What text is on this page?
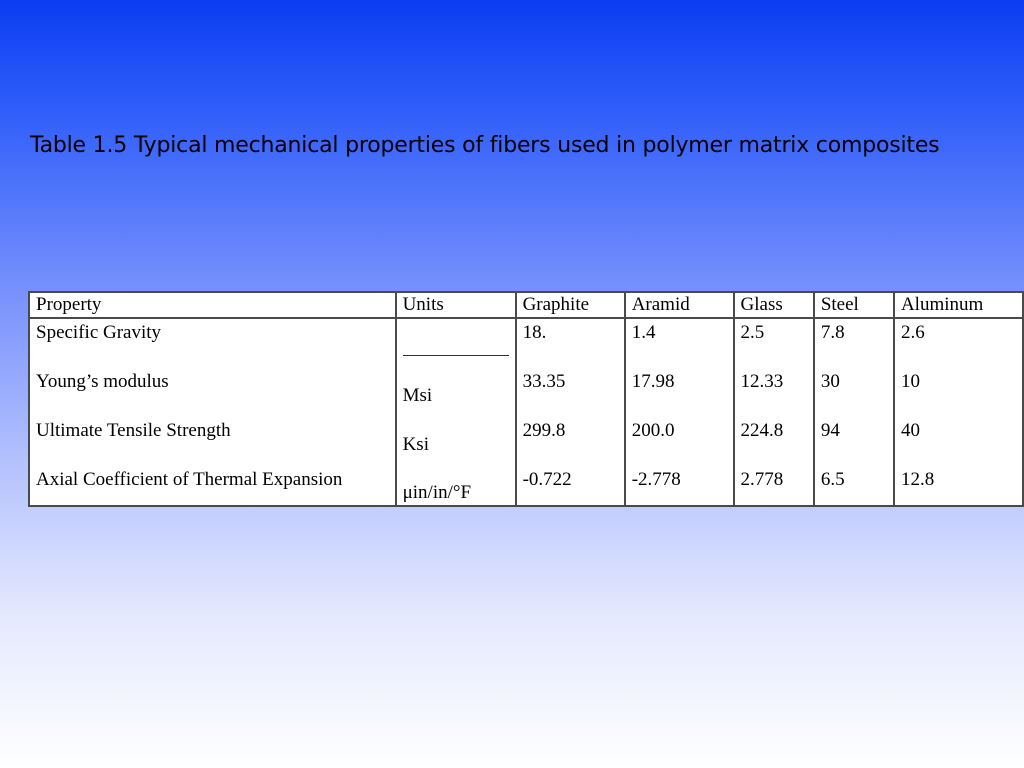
Table 1.5 Typical mechanical properties of fibers used in polymer matrix composites
Property	Units	Graphite	Aramid	Glass	Steel	Aluminum
Specific Gravity		18.	1.4	2.5	7.8	2.6
Young’s modulus	Msi	33.35	17.98	12.33	30	10
Ultimate Tensile Strength	Ksi	299.8	200.0	224.8	94	40
Axial Coefficient of Thermal Expansion	μin/in/°F	-0.722	-2.778	2.778	6.5	12.8
